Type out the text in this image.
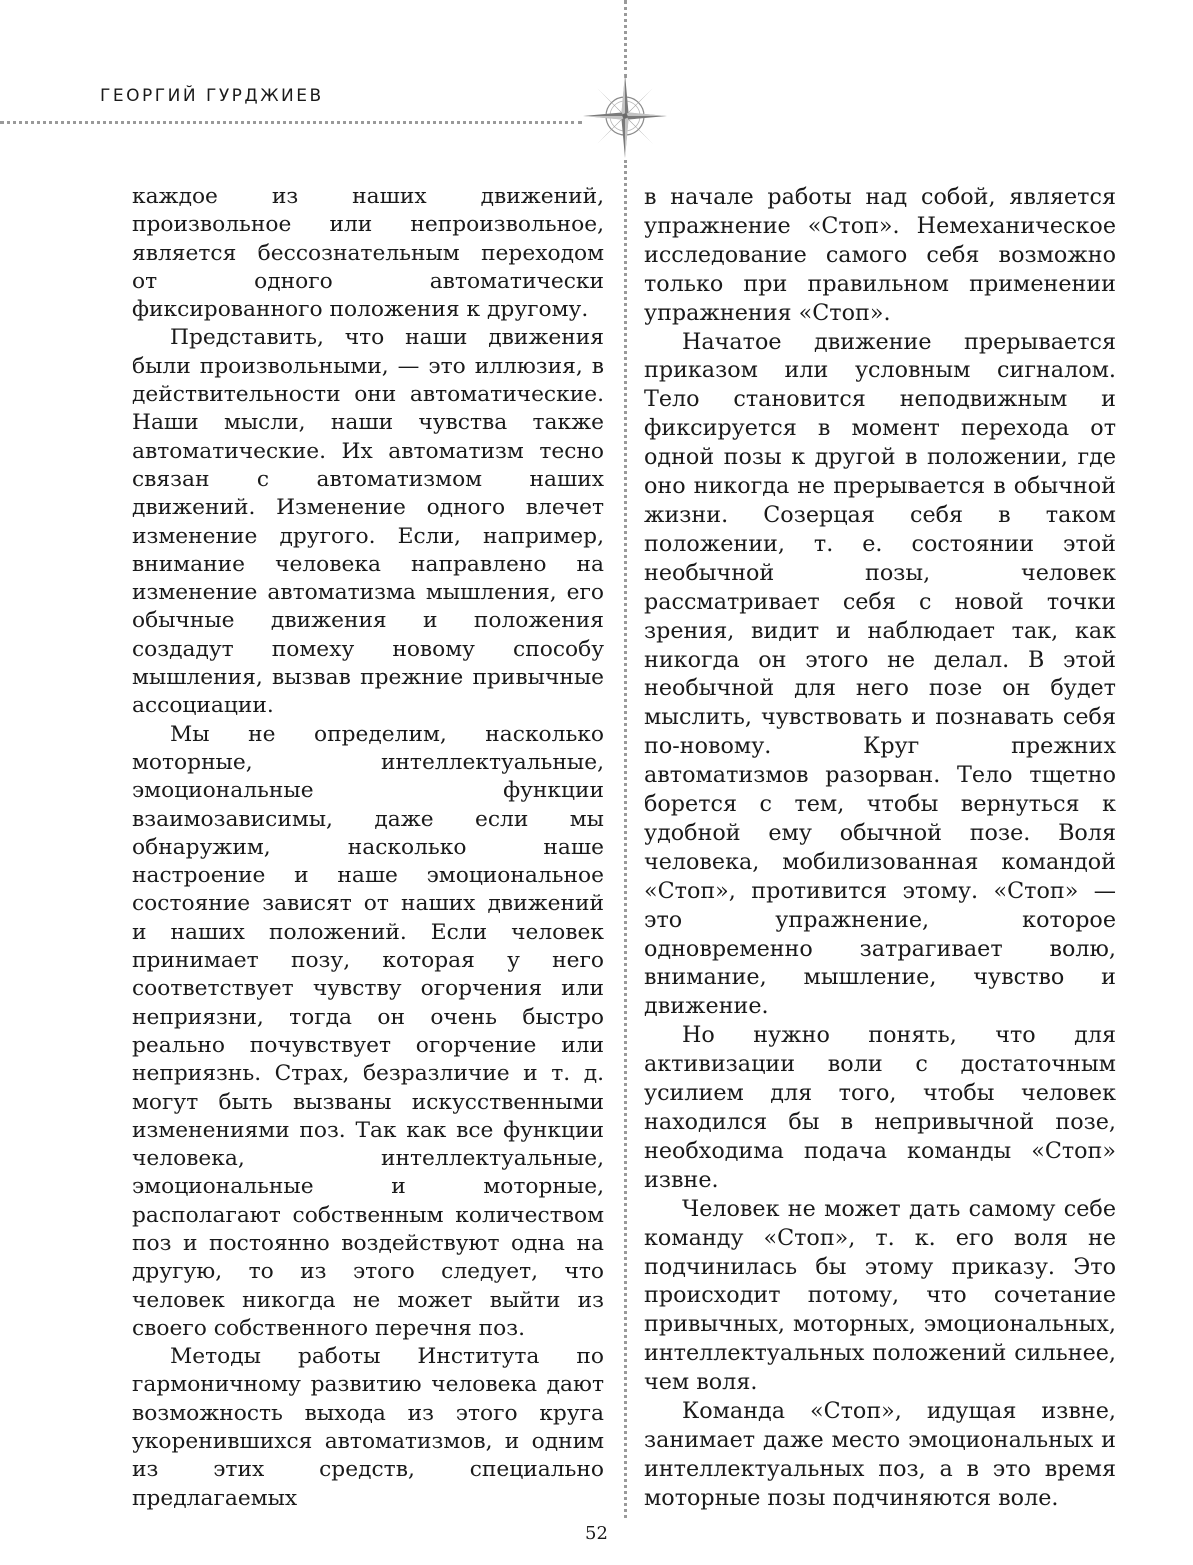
ГЕОРГИЙ ГУРДЖИЕВ

каждое из наших движений, произвольное или непроизвольное, является бессознательным переходом от одного автоматически фиксированного положения к другому.

Представить, что наши движения были произвольными, — это иллюзия, в действительности они автоматические. Наши мысли, наши чувства также автоматические. Их автоматизм тесно связан с автоматизмом наших движений. Изменение одного влечет изменение другого. Если, например, внимание человека направлено на изменение автоматизма мышления, его обычные движения и положения создадут помеху новому способу мышления, вызвав прежние привычные ассоциации.

Мы не определим, насколько моторные, интеллектуальные, эмоциональные функции взаимозависимы, даже если мы обнаружим, насколько наше настроение и наше эмоциональное состояние зависят от наших движений и наших положений. Если человек принимает позу, которая у него соответствует чувству огорчения или неприязни, тогда он очень быстро реально почувствует огорчение или неприязнь. Страх, безразличие и т. д. могут быть вызваны искусственными изменениями поз. Так как все функции человека, интеллектуальные, эмоциональные и моторные, располагают собственным количеством поз и постоянно воздействуют одна на другую, то из этого следует, что человек никогда не может выйти из своего собственного перечня поз.

Методы работы Института по гармоничному развитию человека дают возможность выхода из этого круга укоренившихся автоматизмов, и одним из этих средств, специально предлагаемых

в начале работы над собой, является упражнение «Стоп». Немеханическое исследование самого себя возможно только при правильном применении упражнения «Стоп».

Начатое движение прерывается приказом или условным сигналом. Тело становится неподвижным и фиксируется в момент перехода от одной позы к другой в положении, где оно никогда не прерывается в обычной жизни. Созерцая себя в таком положении, т. е. состоянии этой необычной позы, человек рассматривает себя с новой точки зрения, видит и наблюдает так, как никогда он этого не делал. В этой необычной для него позе он будет мыслить, чувствовать и познавать себя по-новому. Круг прежних автоматизмов разорван. Тело тщетно борется с тем, чтобы вернуться к удобной ему обычной позе. Воля человека, мобилизованная командой «Стоп», противится этому. «Стоп» — это упражнение, которое одновременно затрагивает волю, внимание, мышление, чувство и движение.

Но нужно понять, что для активизации воли с достаточным усилием для того, чтобы человек находился бы в непривычной позе, необходима подача команды «Стоп» извне.

Человек не может дать самому себе команду «Стоп», т. к. его воля не подчинилась бы этому приказу. Это происходит потому, что сочетание привычных, моторных, эмоциональных, интеллектуальных положений сильнее, чем воля.

Команда «Стоп», идущая извне, занимает даже место эмоциональных и интеллектуальных поз, а в это время моторные позы подчиняются воле.

52
